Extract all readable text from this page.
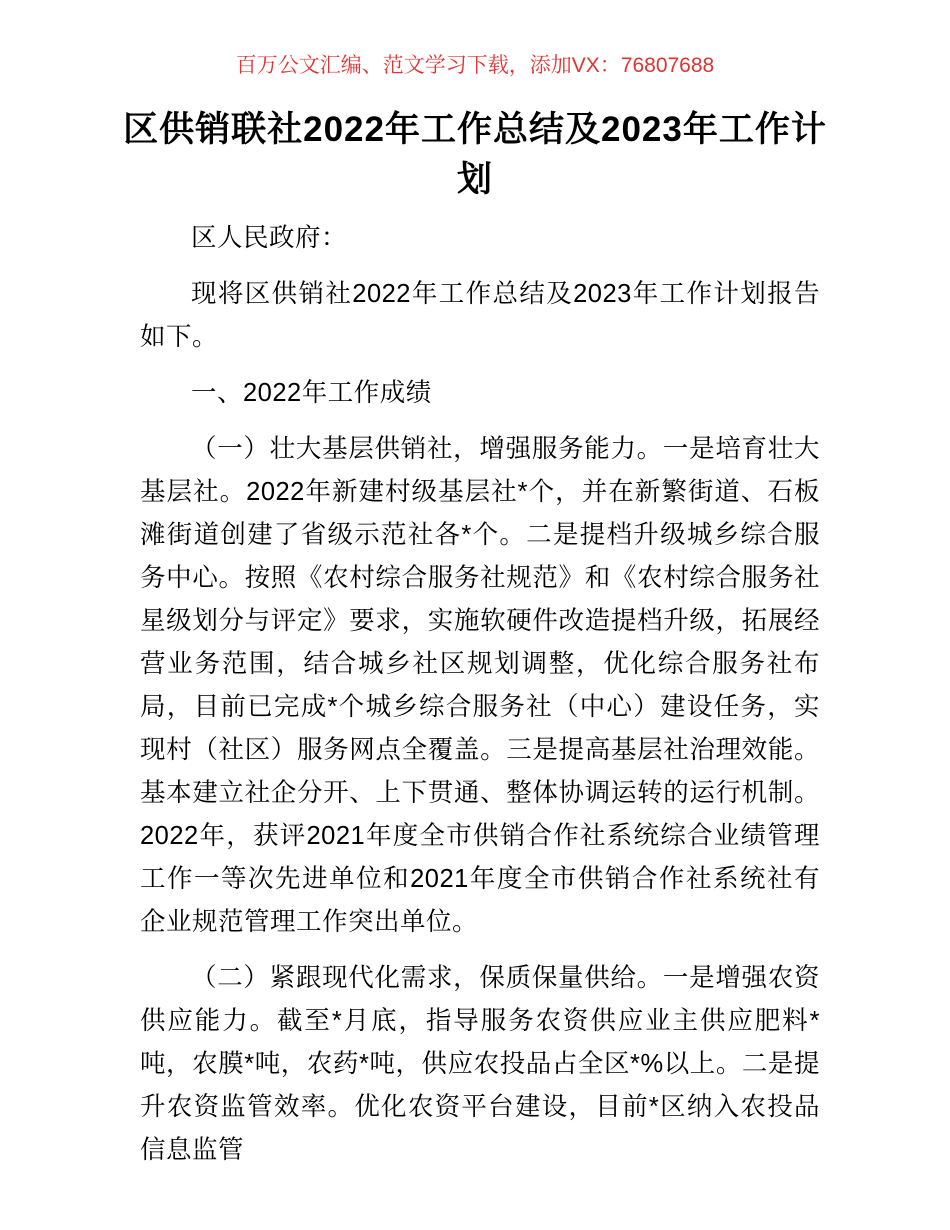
百万公文汇编、范文学习下载，添加VX：76807688
区供销联社2022年工作总结及2023年工作计
划

区人民政府：

现将区供销社2022年工作总结及2023年工作计划报告如下。

一、2022年工作成绩

（一）壮大基层供销社，增强服务能力。一是培育壮大基层社。2022年新建村级基层社*个，并在新繁街道、石板滩街道创建了省级示范社各*个。二是提档升级城乡综合服务中心。按照《农村综合服务社规范》和《农村综合服务社星级划分与评定》要求，实施软硬件改造提档升级，拓展经营业务范围，结合城乡社区规划调整，优化综合服务社布局，目前已完成*个城乡综合服务社（中心）建设任务，实现村（社区）服务网点全覆盖。三是提高基层社治理效能。基本建立社企分开、上下贯通、整体协调运转的运行机制。2022年，获评2021年度全市供销合作社系统综合业绩管理工作一等次先进单位和2021年度全市供销合作社系统社有企业规范管理工作突出单位。

（二）紧跟现代化需求，保质保量供给。一是增强农资供应能力。截至*月底，指导服务农资供应业主供应肥料*吨，农膜*吨，农药*吨，供应农投品占全区*%以上。二是提升农资监管效率。优化农资平台建设，目前*区纳入农投品信息监管
